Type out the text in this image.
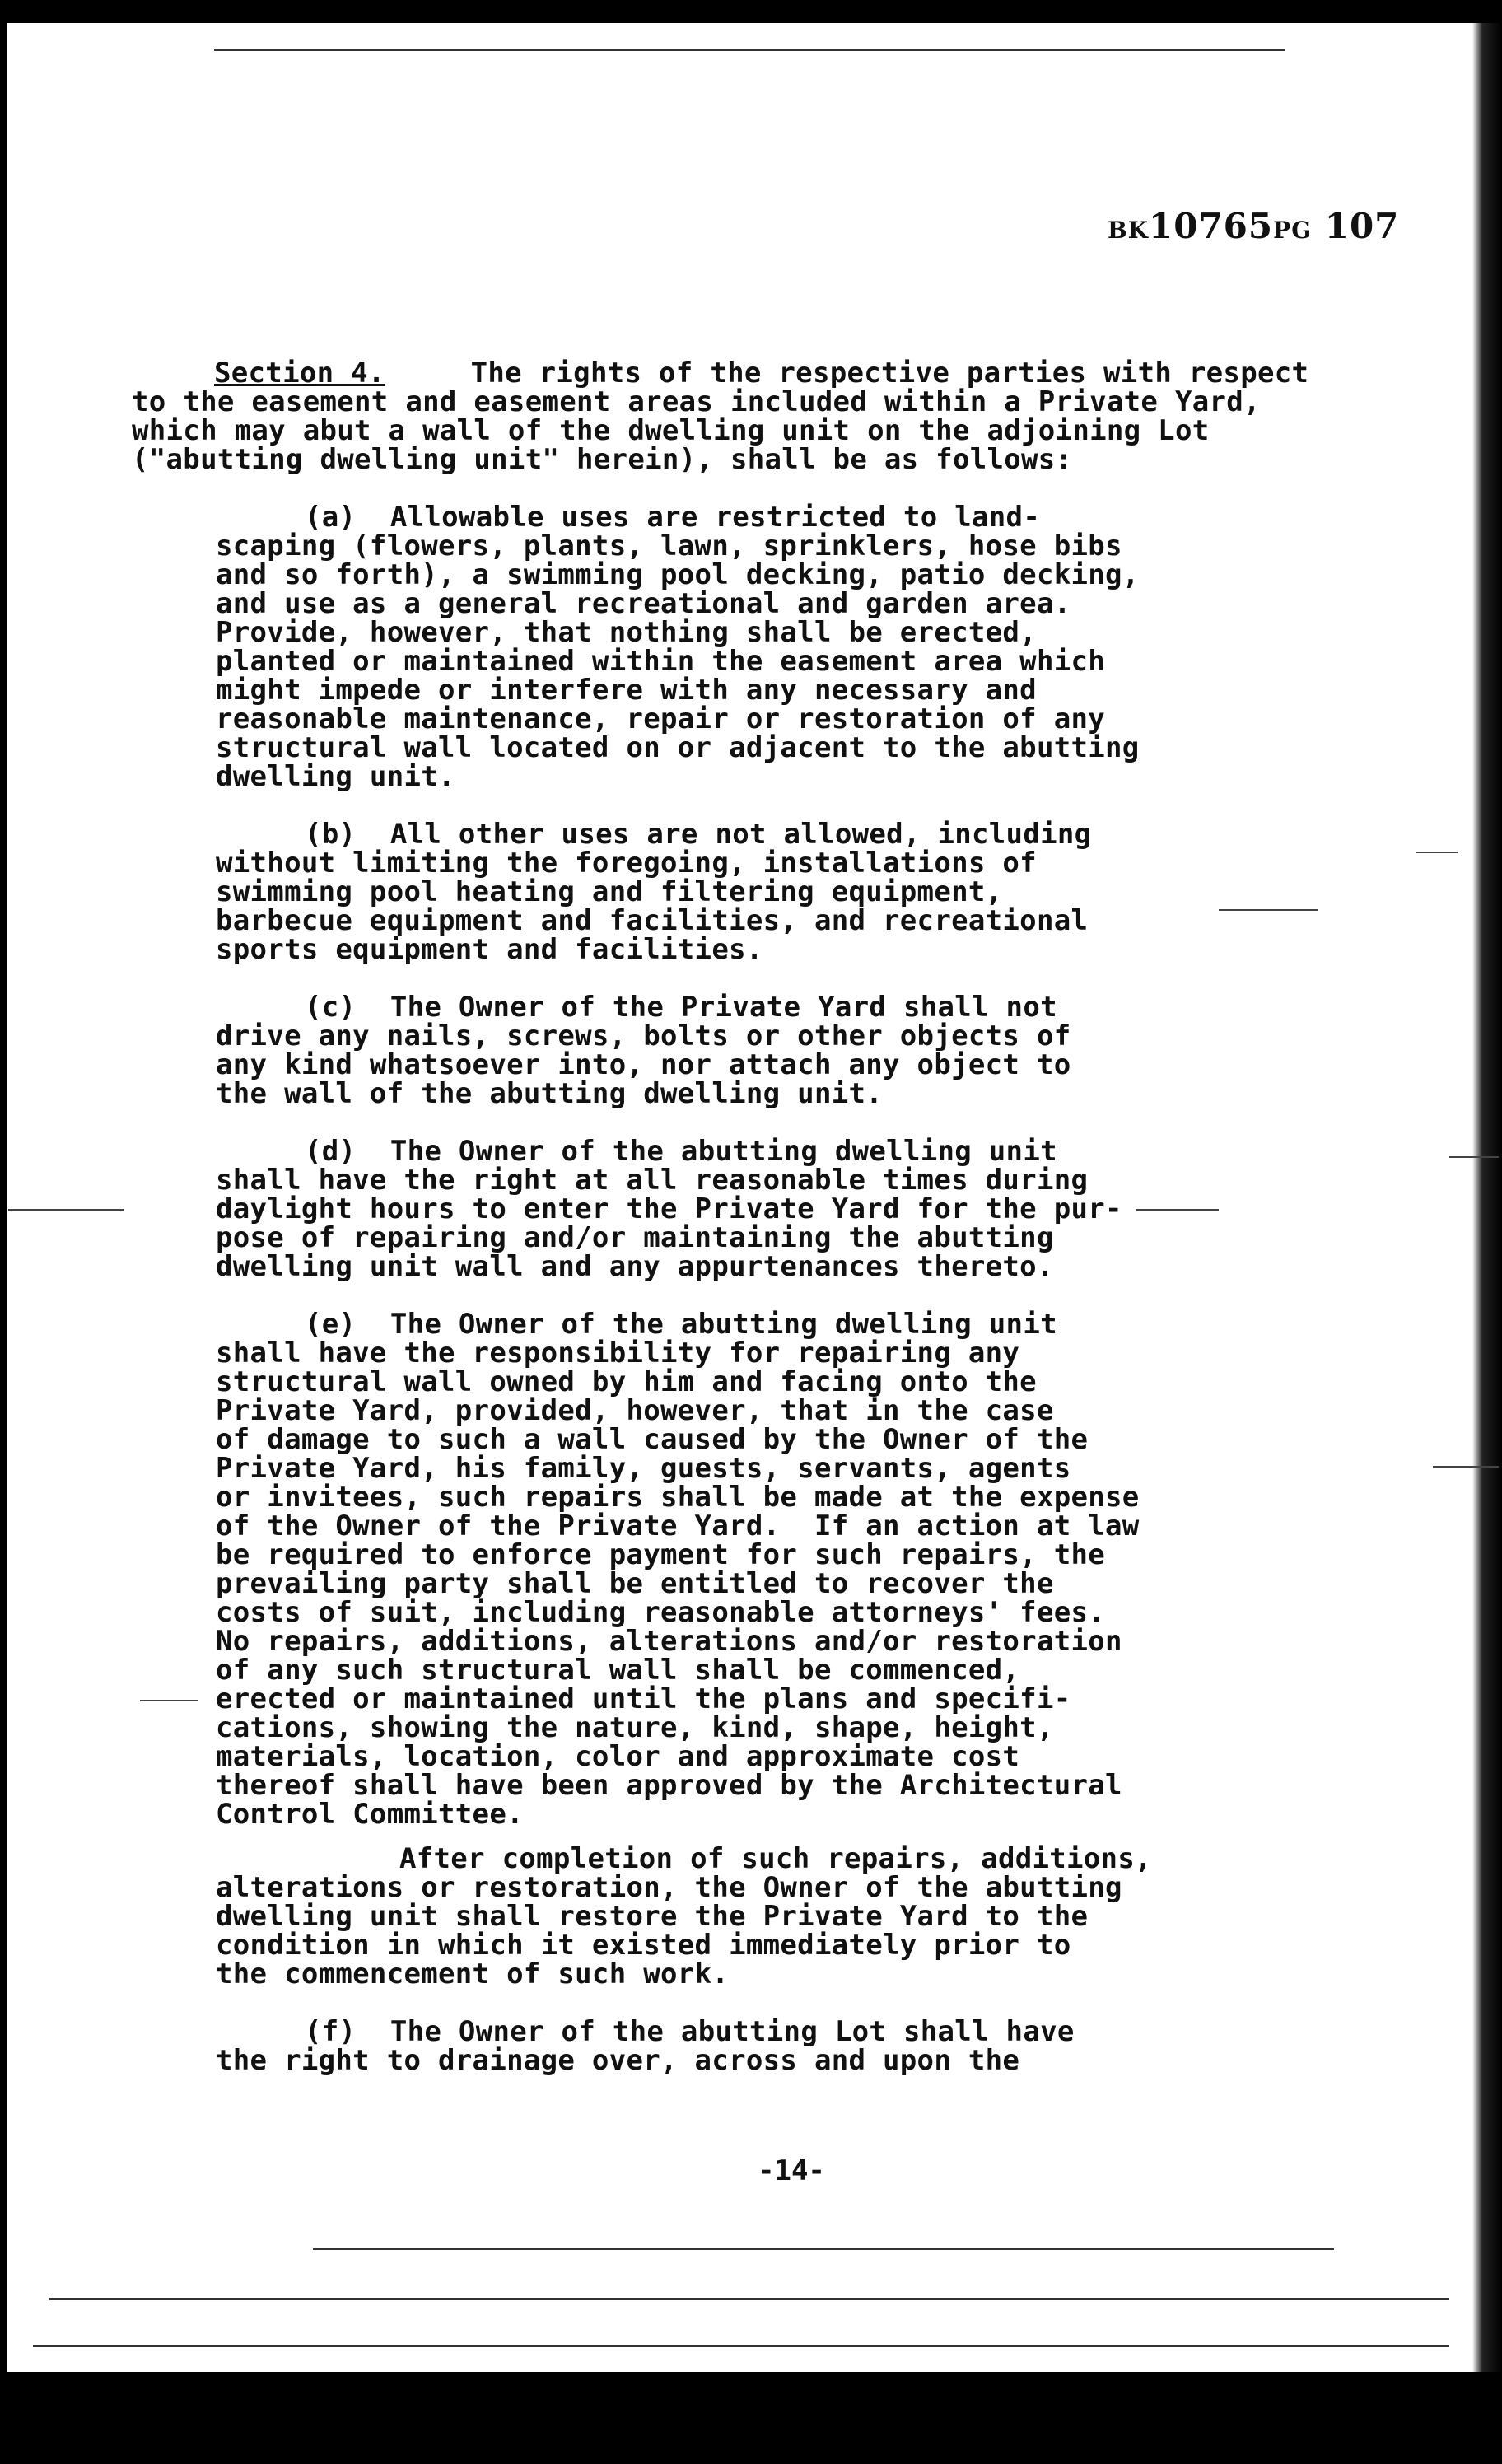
BK10765PG 107
Section 4.	The rights of the respective parties with respect
to the easement and easement areas included within a Private Yard,
which may abut a wall of the dwelling unit on the adjoining Lot
("abutting dwelling unit" herein), shall be as follows:
(a)  Allowable uses are restricted to land-
scaping (flowers, plants, lawn, sprinklers, hose bibs
and so forth), a swimming pool decking, patio decking,
and use as a general recreational and garden area.
Provide, however, that nothing shall be erected,
planted or maintained within the easement area which
might impede or interfere with any necessary and
reasonable maintenance, repair or restoration of any
structural wall located on or adjacent to the abutting
dwelling unit.
(b)  All other uses are not allowed, including
without limiting the foregoing, installations of
swimming pool heating and filtering equipment,
barbecue equipment and facilities, and recreational
sports equipment and facilities.
(c)  The Owner of the Private Yard shall not
drive any nails, screws, bolts or other objects of
any kind whatsoever into, nor attach any object to
the wall of the abutting dwelling unit.
(d)  The Owner of the abutting dwelling unit
shall have the right at all reasonable times during
daylight hours to enter the Private Yard for the pur-
pose of repairing and/or maintaining the abutting
dwelling unit wall and any appurtenances thereto.
(e)  The Owner of the abutting dwelling unit
shall have the responsibility for repairing any
structural wall owned by him and facing onto the
Private Yard, provided, however, that in the case
of damage to such a wall caused by the Owner of the
Private Yard, his family, guests, servants, agents
or invitees, such repairs shall be made at the expense
of the Owner of the Private Yard.  If an action at law
be required to enforce payment for such repairs, the
prevailing party shall be entitled to recover the
costs of suit, including reasonable attorneys' fees.
No repairs, additions, alterations and/or restoration
of any such structural wall shall be commenced,
erected or maintained until the plans and specifi-
cations, showing the nature, kind, shape, height,
materials, location, color and approximate cost
thereof shall have been approved by the Architectural
Control Committee.
After completion of such repairs, additions,
alterations or restoration, the Owner of the abutting
dwelling unit shall restore the Private Yard to the
condition in which it existed immediately prior to
the commencement of such work.
(f)  The Owner of the abutting Lot shall have
the right to drainage over, across and upon the
-14-
